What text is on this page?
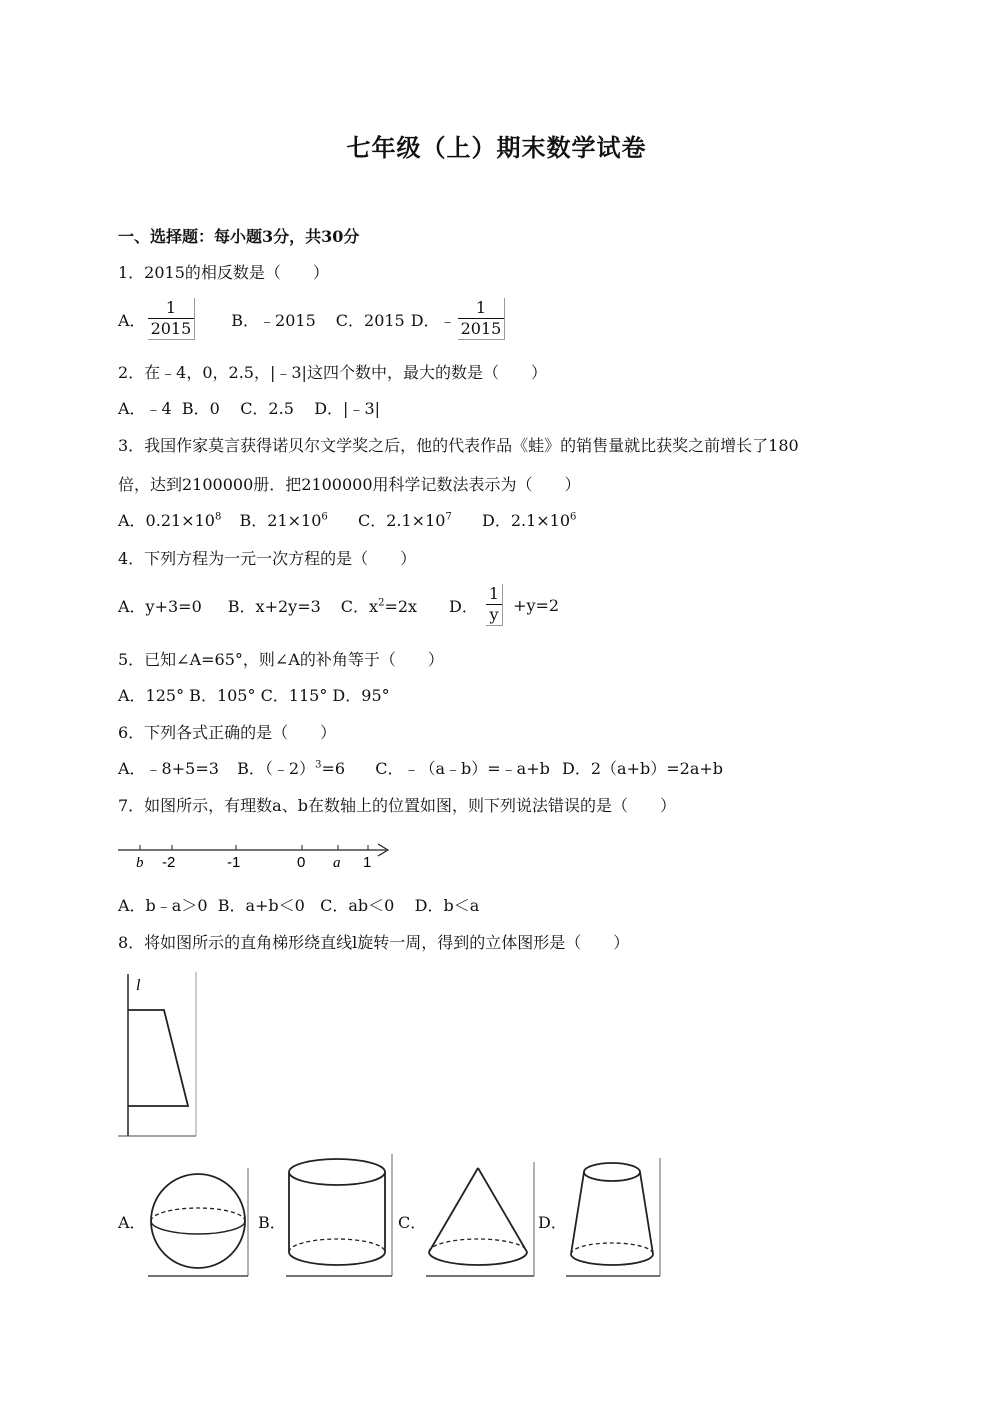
七年级（上）期末数学试卷
一、选择题：每小题3分，共30分
1．2015的相反数是（　　）
A． $\frac{1}{2015}$ B．﹣2015 C．2015 D．﹣ $\frac{1}{2015}$
2．在﹣4，0，2.5，|﹣3|这四个数中，最大的数是（　　）
A．﹣4  B．0    C．2.5    D．|﹣3|
3．我国作家莫言获得诺贝尔文学奖之后，他的代表作品《蛙》的销售量就比获奖之前增长了180
倍，达到2100000册．把2100000用科学记数法表示为（　　）
A．$0.21\times 10^8$ B．$21\times 10^6$ C．$2.1\times 10^7$ D．$2.1\times 10^6$
4．下列方程为一元一次方程的是（　　）
A．y+3=0 B．x+2y=3 C．$x^2=2x$ D． $\frac{1}{y} +y=2$
5．已知∠A=65°，则∠A的补角等于（　　）
A．125° B．105° C．115° D．95°
6．下列各式正确的是（　　）
A．﹣8+5=3 B．（﹣2）$^3$=6 C．﹣（a﹣b）=﹣a+b D．2（a+b）=2a+b
7．如图所示，有理数a、b在数轴上的位置如图，则下列说法错误的是（　　）
b -2	-1	0 a 1
A．b﹣a＞0  B．a+b＜0   C．ab＜0    D．b＜a
8．将如图所示的直角梯形绕直线l旋转一周，得到的立体图形是（　　）
l
A．	B．	C．	D．
